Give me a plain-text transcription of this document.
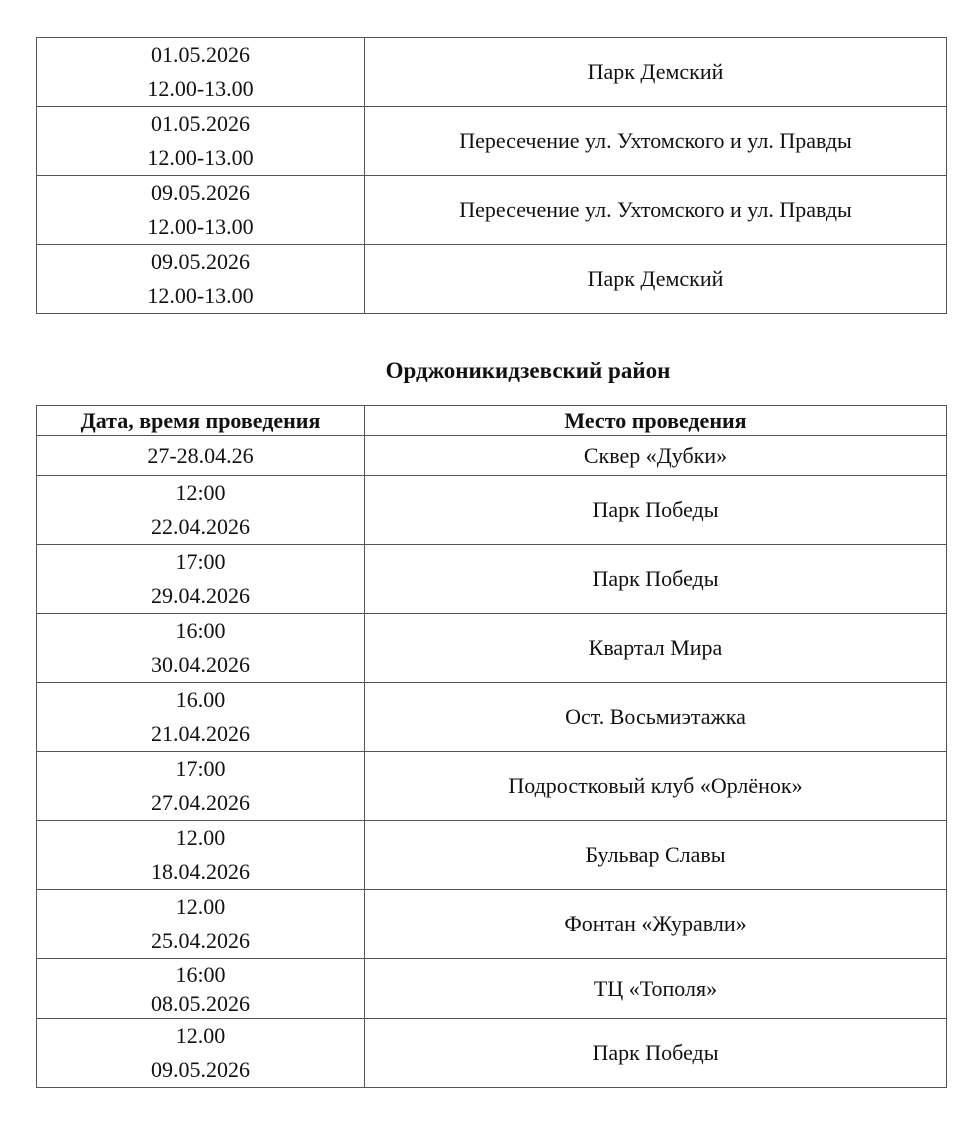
01.05.2026
12.00-13.00	Парк Демский

01.05.2026
12.00-13.00	Пересечение ул. Ухтомского и ул. Правды

09.05.2026
12.00-13.00	Пересечение ул. Ухтомского и ул. Правды

09.05.2026
12.00-13.00	Парк Демский
Орджоникидзевский район
Дата, время проведения	Место проведения

27-28.04.26	Сквер «Дубки»

12:00
22.04.2026	Парк Победы

17:00
29.04.2026	Парк Победы

16:00
30.04.2026	Квартал Мира

16.00
21.04.2026	Ост. Восьмиэтажка

17:00
27.04.2026	Подростковый клуб «Орлёнок»

12.00
18.04.2026	Бульвар Славы

12.00
25.04.2026	Фонтан «Журавли»

16:00
08.05.2026	ТЦ «Тополя»

12.00
09.05.2026	Парк Победы
